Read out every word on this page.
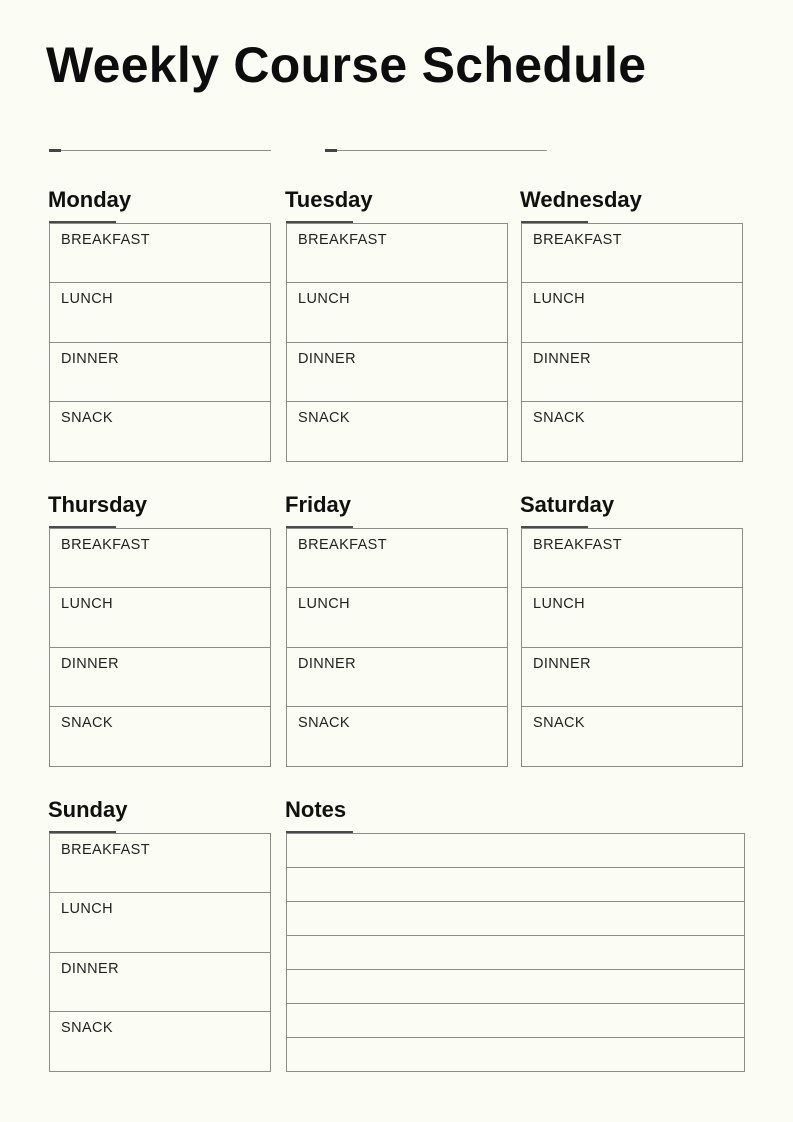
Weekly Course Schedule
Monday
BREAKFAST
LUNCH
DINNER
SNACK
Tuesday
BREAKFAST
LUNCH
DINNER
SNACK
Wednesday
BREAKFAST
LUNCH
DINNER
SNACK
Thursday
BREAKFAST
LUNCH
DINNER
SNACK
Friday
BREAKFAST
LUNCH
DINNER
SNACK
Saturday
BREAKFAST
LUNCH
DINNER
SNACK
Sunday
BREAKFAST
LUNCH
DINNER
SNACK
Notes
